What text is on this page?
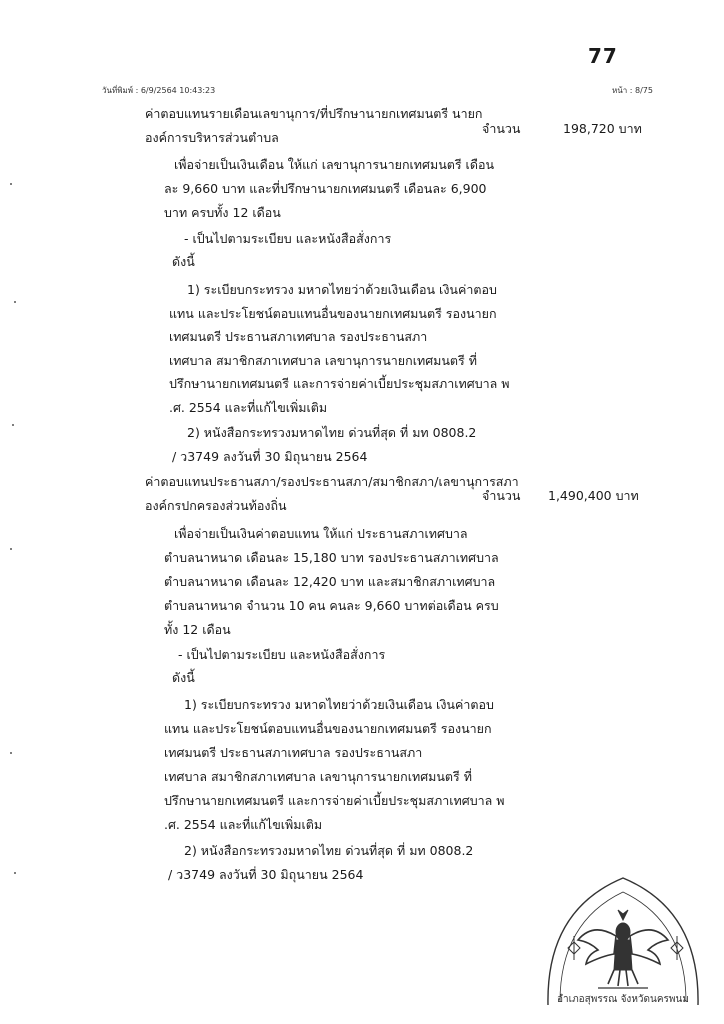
77
วันที่พิมพ์ : 6/9/2564 10:43:23	หน้า : 8/75
ค่าตอบแทนรายเดือนเลขานุการ/ที่ปรึกษานายกเทศมนตรี นายก
องค์การบริหารส่วนตำบล
จำนวน	198,720 บาท
เพื่อจ่ายเป็นเงินเดือน ให้แก่ เลขานุการนายกเทศมนตรี เดือน
ละ 9,660 บาท และที่ปรึกษานายกเทศมนตรี เดือนละ 6,900
บาท ครบทั้ง 12 เดือน
- เป็นไปตามระเบียบ และหนังสือสั่งการ
ดังนี้
1) ระเบียบกระทรวง มหาดไทยว่าด้วยเงินเดือน เงินค่าตอบ
แทน และประโยชน์ตอบแทนอื่นของนายกเทศมนตรี รองนายก
เทศมนตรี ประธานสภาเทศบาล รองประธานสภา
เทศบาล สมาชิกสภาเทศบาล เลขานุการนายกเทศมนตรี ที่
ปรึกษานายกเทศมนตรี และการจ่ายค่าเบี้ยประชุมสภาเทศบาล พ
.ศ. 2554 และที่แก้ไขเพิ่มเติม
2) หนังสือกระทรวงมหาดไทย ด่วนที่สุด ที่ มท 0808.2
/ ว3749 ลงวันที่ 30 มิถุนายน 2564
ค่าตอบแทนประธานสภา/รองประธานสภา/สมาชิกสภา/เลขานุการสภา
องค์กรปกครองส่วนท้องถิ่น
จำนวน 1,490,400 บาท
เพื่อจ่ายเป็นเงินค่าตอบแทน ให้แก่ ประธานสภาเทศบาล
ตำบลนาหนาด เดือนละ 15,180 บาท รองประธานสภาเทศบาล
ตำบลนาหนาด เดือนละ 12,420 บาท และสมาชิกสภาเทศบาล
ตำบลนาหนาด จำนวน 10 คน คนละ 9,660 บาทต่อเดือน ครบ
ทั้ง 12 เดือน
- เป็นไปตามระเบียบ และหนังสือสั่งการ
ดังนี้
1) ระเบียบกระทรวง มหาดไทยว่าด้วยเงินเดือน เงินค่าตอบ
แทน และประโยชน์ตอบแทนอื่นของนายกเทศมนตรี รองนายก
เทศมนตรี ประธานสภาเทศบาล รองประธานสภา
เทศบาล สมาชิกสภาเทศบาล เลขานุการนายกเทศมนตรี ที่
ปรึกษานายกเทศมนตรี และการจ่ายค่าเบี้ยประชุมสภาเทศบาล พ
.ศ. 2554 และที่แก้ไขเพิ่มเติม
2) หนังสือกระทรวงมหาดไทย ด่วนที่สุด ที่ มท 0808.2
/ ว3749 ลงวันที่ 30 มิถุนายน 2564
อำเภอสุพรรณ จังหวัดนครพนม
